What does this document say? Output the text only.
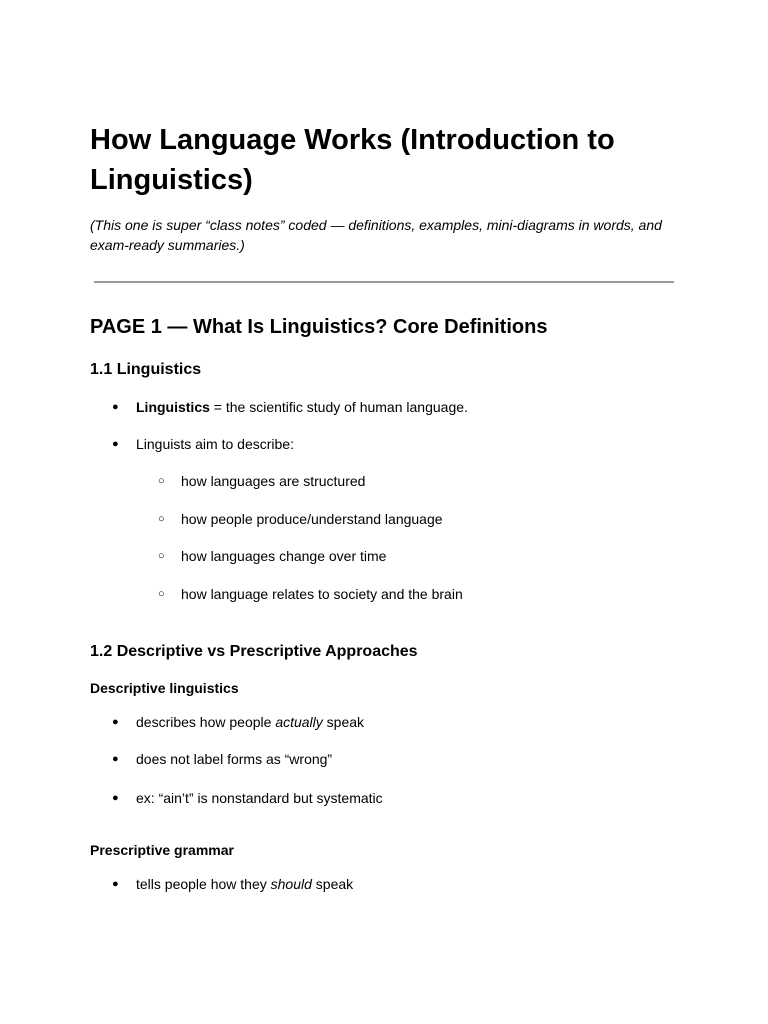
How Language Works (Introduction to Linguistics)
(This one is super “class notes” coded — definitions, examples, mini-diagrams in words, and exam-ready summaries.)
PAGE 1 — What Is Linguistics? Core Definitions
1.1 Linguistics
● Linguistics = the scientific study of human language.
● Linguists aim to describe:
○ how languages are structured
○ how people produce/understand language
○ how languages change over time
○ how language relates to society and the brain
1.2 Descriptive vs Prescriptive Approaches
Descriptive linguistics
● describes how people actually speak
● does not label forms as “wrong”
● ex: “ain’t” is nonstandard but systematic
Prescriptive grammar
● tells people how they should speak
